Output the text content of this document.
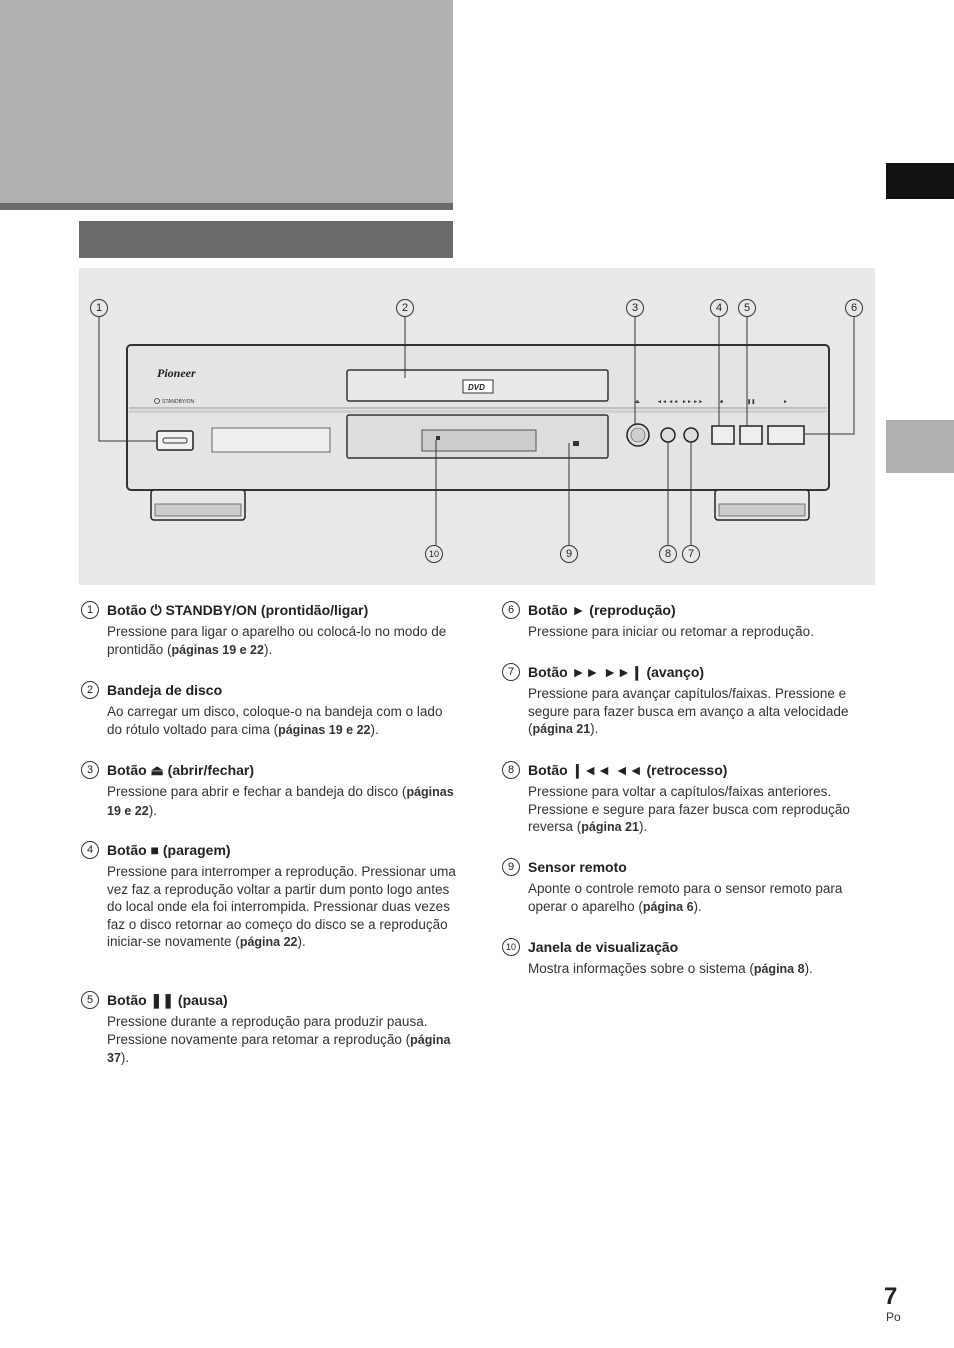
Pioneer
STANDBY/ON
DVD
⏏	◄◄ ◄◄ ►► ►►	■	❚❚	►
1	2	3	4	5	6
7
8
9
10
1 Botão ⏻ STANDBY/ON (prontidão/ligar)
Pressione para ligar o aparelho ou colocá-lo no modo de prontidão (páginas 19 e 22).
2 Bandeja de disco
Ao carregar um disco, coloque-o na bandeja com o lado do rótulo voltado para cima (páginas 19 e 22).
3 Botão ⏏ (abrir/fechar)
Pressione para abrir e fechar a bandeja do disco (páginas 19 e 22).
4 Botão ■ (paragem)
Pressione para interromper a reprodução. Pressionar uma vez faz a reprodução voltar a partir dum ponto logo antes do local onde ela foi interrompida. Pressionar duas vezes faz o disco retornar ao começo do disco se a reprodução iniciar-se novamente (página 22).
5 Botão ❚❚ (pausa)
Pressione durante a reprodução para produzir pausa. Pressione novamente para retomar a reprodução (página 37).
6 Botão ► (reprodução)
Pressione para iniciar ou retomar a reprodução.
7 Botão ►► ►►❙ (avanço)
Pressione para avançar capítulos/faixas. Pressione e segure para fazer busca em avanço a alta velocidade (página 21).
8 Botão ❙◄◄ ◄◄ (retrocesso)
Pressione para voltar a capítulos/faixas anteriores. Pressione e segure para fazer busca com reprodução reversa (página 21).
9 Sensor remoto
Aponte o controle remoto para o sensor remoto para operar o aparelho (página 6).
10 Janela de visualização
Mostra informações sobre o sistema (página 8).
7
Po
